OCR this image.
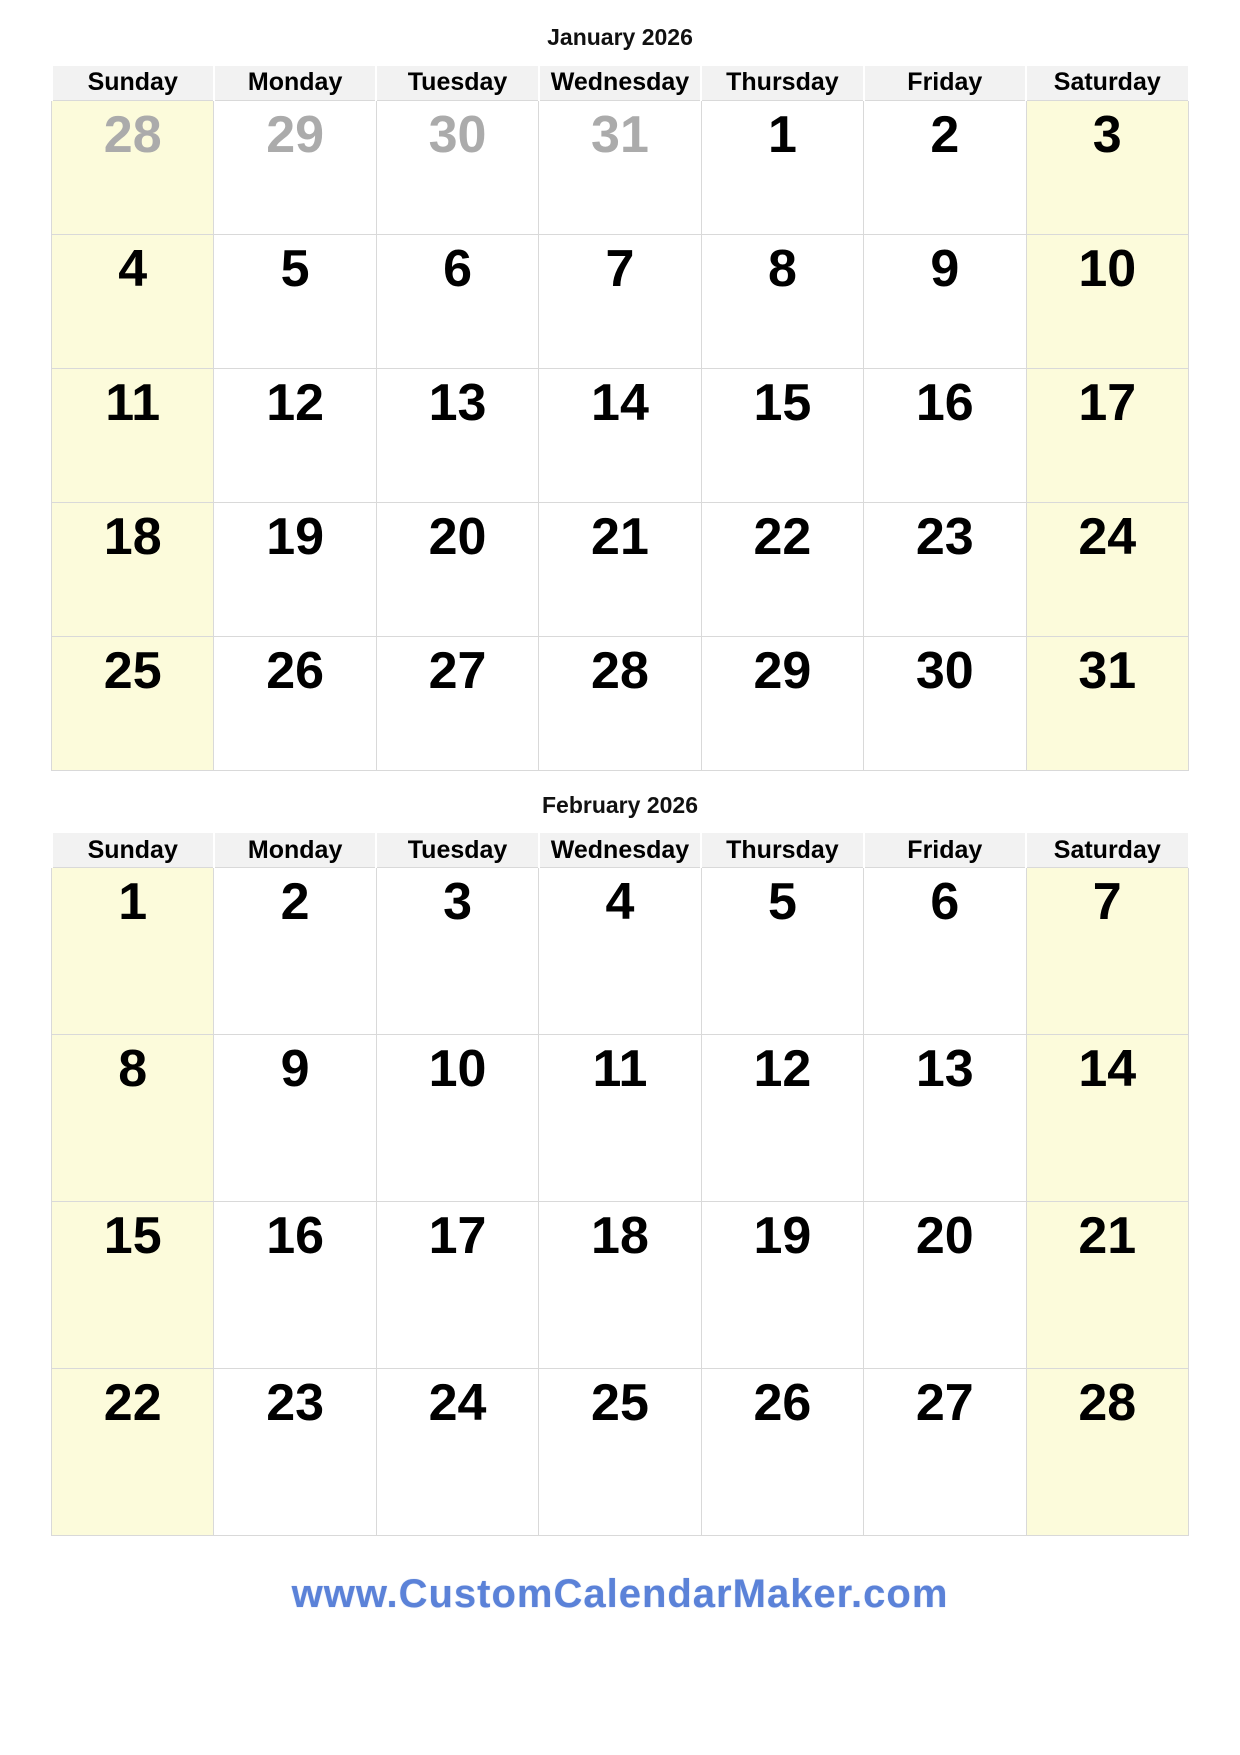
January 2026
Sunday	Monday	Tuesday	Wednesday	Thursday	Friday	Saturday
28	29	30	31	1	2	3
4	5	6	7	8	9	10
11	12	13	14	15	16	17
18	19	20	21	22	23	24
25	26	27	28	29	30	31
February 2026
Sunday	Monday	Tuesday	Wednesday	Thursday	Friday	Saturday
1	2	3	4	5	6	7
8	9	10	11	12	13	14
15	16	17	18	19	20	21
22	23	24	25	26	27	28
www.CustomCalendarMaker.com
